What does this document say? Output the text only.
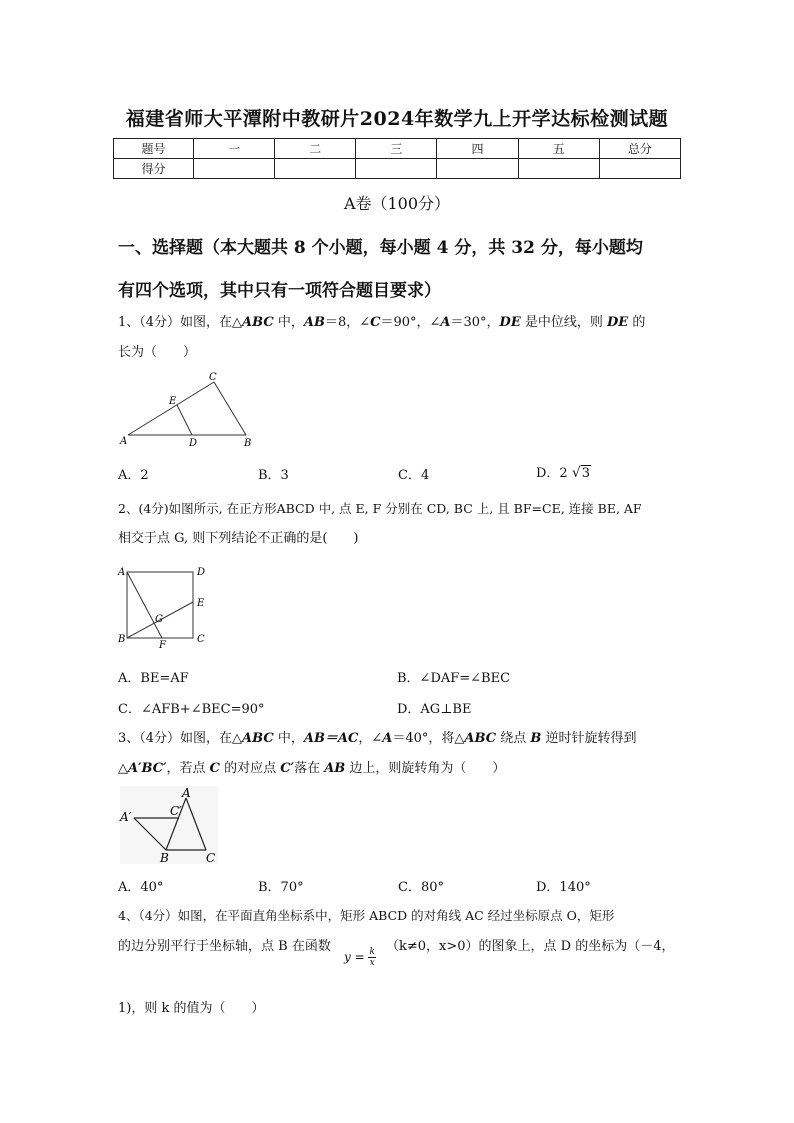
福建省师大平潭附中教研片2024年数学九上开学达标检测试题
题号	一	二	三	四	五	总分
得分						
A卷（100分）
一、选择题（本大题共 8 个小题，每小题 4 分，共 32 分，每小题均
有四个选项，其中只有一项符合题目要求）
1、（4分）如图，在△ABC 中，AB＝8，∠C＝90°，∠A＝30°，DE 是中位线，则 DE 的
长为（　　）
A	B
C
D
E
A．2	B．3	C．4	D．2 √3
2、(4分)如图所示, 在正方形ABCD 中, 点 E, F 分别在 CD, BC 上, 且 BF=CE, 连接 BE, AF
相交于点 G, 则下列结论不正确的是(　　)
A	D
E
B	C
F
G
A．BE=AF	B．∠DAF=∠BEC
C．∠AFB+∠BEC=90°	D．AG⊥BE
3、（4分）如图，在△ABC 中，AB＝AC，∠A＝40°，将△ABC 绕点 B 逆时针旋转得到
△A′BC′，若点 C 的对应点 C′落在 AB 边上，则旋转角为（　　）
A
C′
A′
B	C
A．40°	B．70°	C．80°	D．140°
4、（4分）如图，在平面直角坐标系中，矩形 ABCD 的对角线 AC 经过坐标原点 O，矩形
的边分别平行于坐标轴，点 B 在函数
$y = \frac{k}{x}$
（k≠0，x>0）的图象上，点 D 的坐标为（－4，
1)，则 k 的值为（　　）
